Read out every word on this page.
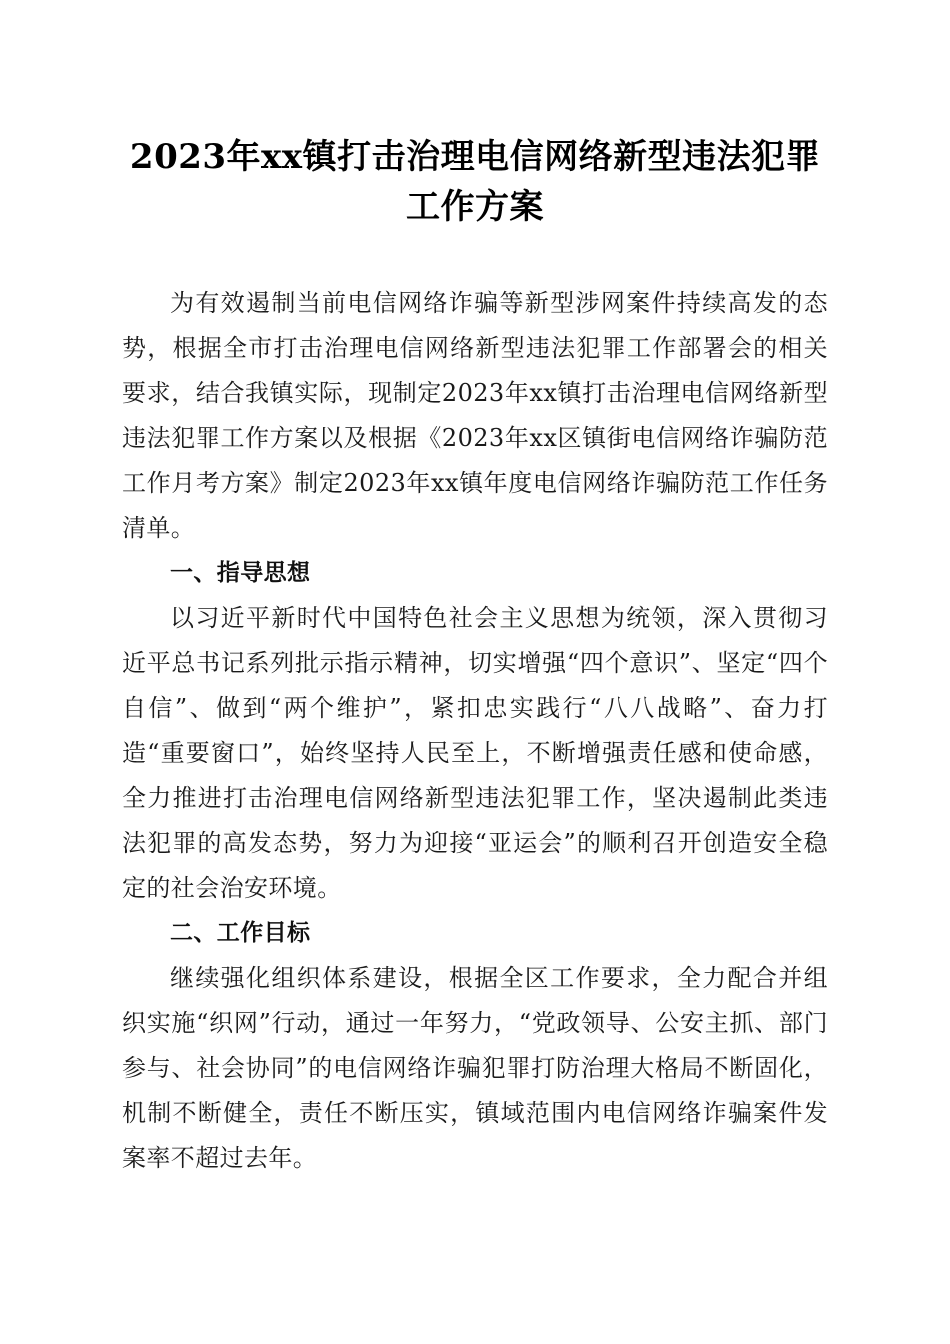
2023年xx镇打击治理电信网络新型违法犯罪
工作方案

为有效遏制当前电信网络诈骗等新型涉网案件持续高发的态势，根据全市打击治理电信网络新型违法犯罪工作部署会的相关要求，结合我镇实际，现制定2023年xx镇打击治理电信网络新型违法犯罪工作方案以及根据《2023年xx区镇街电信网络诈骗防范工作月考方案》制定2023年xx镇年度电信网络诈骗防范工作任务清单。

一、指导思想

以习近平新时代中国特色社会主义思想为统领，深入贯彻习近平总书记系列批示指示精神，切实增强“四个意识”、坚定“四个自信”、做到“两个维护”，紧扣忠实践行“八八战略”、奋力打造“重要窗口”，始终坚持人民至上，不断增强责任感和使命感，全力推进打击治理电信网络新型违法犯罪工作，坚决遏制此类违法犯罪的高发态势，努力为迎接“亚运会”的顺利召开创造安全稳定的社会治安环境。

二、工作目标

继续强化组织体系建设，根据全区工作要求，全力配合并组织实施“织网”行动，通过一年努力，“党政领导、公安主抓、部门参与、社会协同”的电信网络诈骗犯罪打防治理大格局不断固化，机制不断健全，责任不断压实，镇域范围内电信网络诈骗案件发案率不超过去年。
